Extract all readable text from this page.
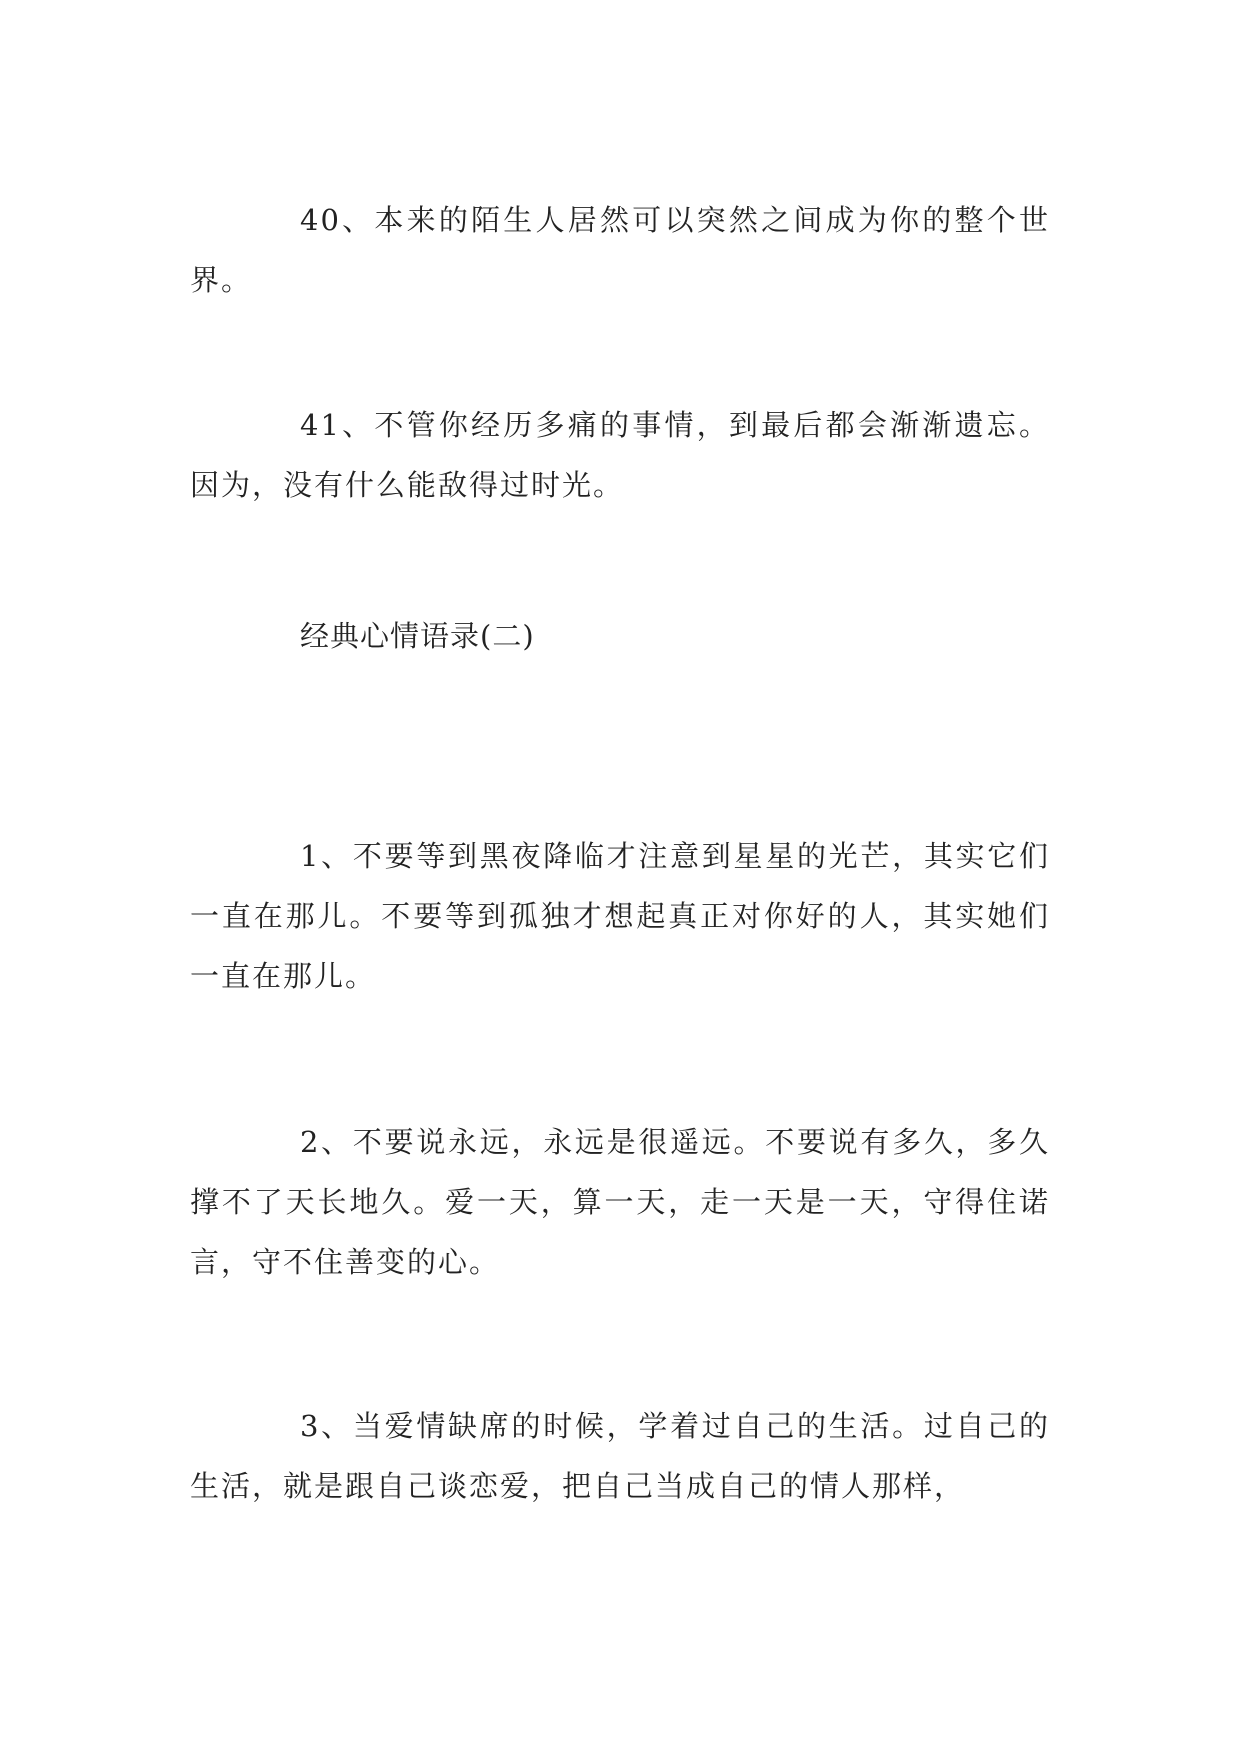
40、本来的陌生人居然可以突然之间成为你的整个世界。

41、不管你经历多痛的事情，到最后都会渐渐遗忘。因为，没有什么能敌得过时光。

经典心情语录(二)

1、不要等到黑夜降临才注意到星星的光芒，其实它们一直在那儿。不要等到孤独才想起真正对你好的人，其实她们一直在那儿。

2、不要说永远，永远是很遥远。不要说有多久，多久撑不了天长地久。爱一天，算一天，走一天是一天，守得住诺言，守不住善变的心。

3、当爱情缺席的时候，学着过自己的生活。过自己的生活，就是跟自己谈恋爱，把自己当成自己的情人那样，
